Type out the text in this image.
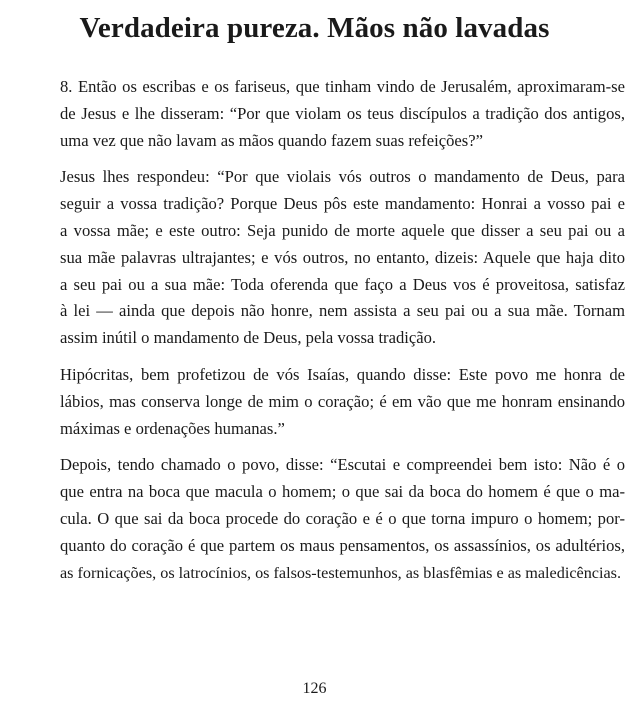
Verdadeira pureza. Mãos não lavadas

8. Então os escribas e os fariseus, que tinham vindo de Jerusalém, aproximaram-se
de Jesus e lhe disseram: “Por que violam os teus discípulos a tradição dos antigos,
uma vez que não lavam as mãos quando fazem suas refeições?”

Jesus lhes respondeu: “Por que violais vós outros o mandamento de Deus, para
seguir a vossa tradição? Porque Deus pôs este mandamento: Honrai a vosso pai e
a vossa mãe; e este outro: Seja punido de morte aquele que disser a seu pai ou a
sua mãe palavras ultrajantes; e vós outros, no entanto, dizeis: Aquele que haja dito
a seu pai ou a sua mãe: Toda oferenda que faço a Deus vos é proveitosa, satisfaz
à lei — ainda que depois não honre, nem assista a seu pai ou a sua mãe. Tornam
assim inútil o mandamento de Deus, pela vossa tradição.

Hipócritas, bem profetizou de vós Isaías, quando disse: Este povo me honra de
lábios, mas conserva longe de mim o coração; é em vão que me honram ensinando
máximas e ordenações humanas.”

Depois, tendo chamado o povo, disse: “Escutai e compreendei bem isto: Não é o
que entra na boca que macula o homem; o que sai da boca do homem é que o ma-
cula. O que sai da boca procede do coração e é o que torna impuro o homem; por-
quanto do coração é que partem os maus pensamentos, os assassínios, os adultérios,
as fornicações, os latrocínios, os falsos-testemunhos, as blasfêmias e as maledicências.

126
